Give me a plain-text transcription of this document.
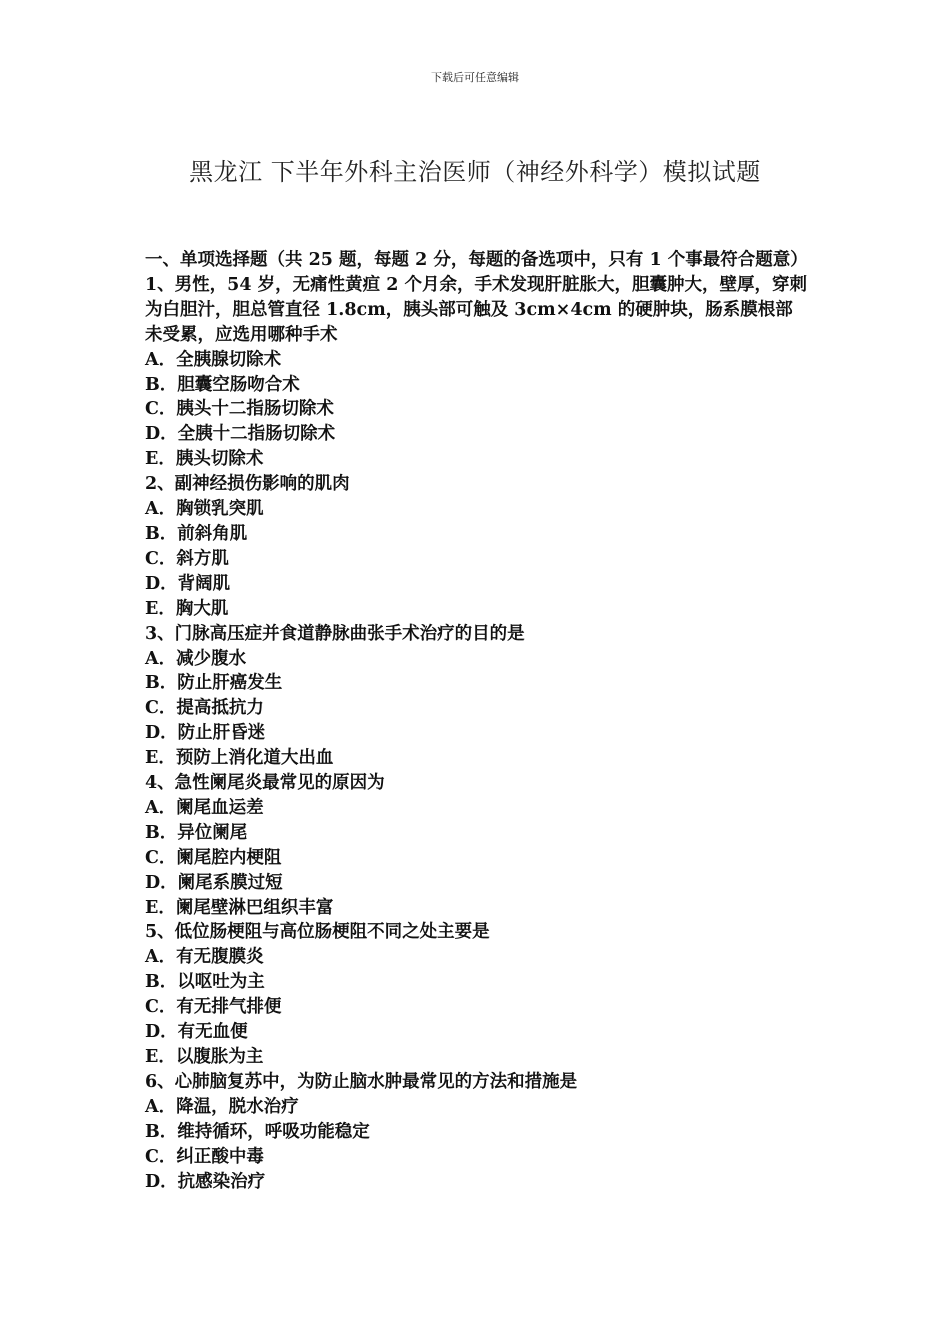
下载后可任意编辑
黑龙江 下半年外科主治医师（神经外科学）模拟试题
一、单项选择题（共 25 题，每题 2 分，每题的备选项中，只有 1 个事最符合题意）
1、男性，54 岁，无痛性黄疸 2 个月余，手术发现肝脏胀大，胆囊肿大，壁厚，穿刺为白胆汁，胆总管直径 1.8cm，胰头部可触及 3cm×4cm 的硬肿块，肠系膜根部未受累，应选用哪种手术
A．全胰腺切除术
B．胆囊空肠吻合术
C．胰头十二指肠切除术
D．全胰十二指肠切除术
E．胰头切除术
2、副神经损伤影响的肌肉
A．胸锁乳突肌
B．前斜角肌
C．斜方肌
D．背阔肌
E．胸大肌
3、门脉高压症并食道静脉曲张手术治疗的目的是
A．减少腹水
B．防止肝癌发生
C．提高抵抗力
D．防止肝昏迷
E．预防上消化道大出血
4、急性阑尾炎最常见的原因为
A．阑尾血运差
B．异位阑尾
C．阑尾腔内梗阻
D．阑尾系膜过短
E．阑尾壁淋巴组织丰富
5、低位肠梗阻与高位肠梗阻不同之处主要是
A．有无腹膜炎
B．以呕吐为主
C．有无排气排便
D．有无血便
E．以腹胀为主
6、心肺脑复苏中，为防止脑水肿最常见的方法和措施是
A．降温，脱水治疗
B．维持循环，呼吸功能稳定
C．纠正酸中毒
D．抗感染治疗
